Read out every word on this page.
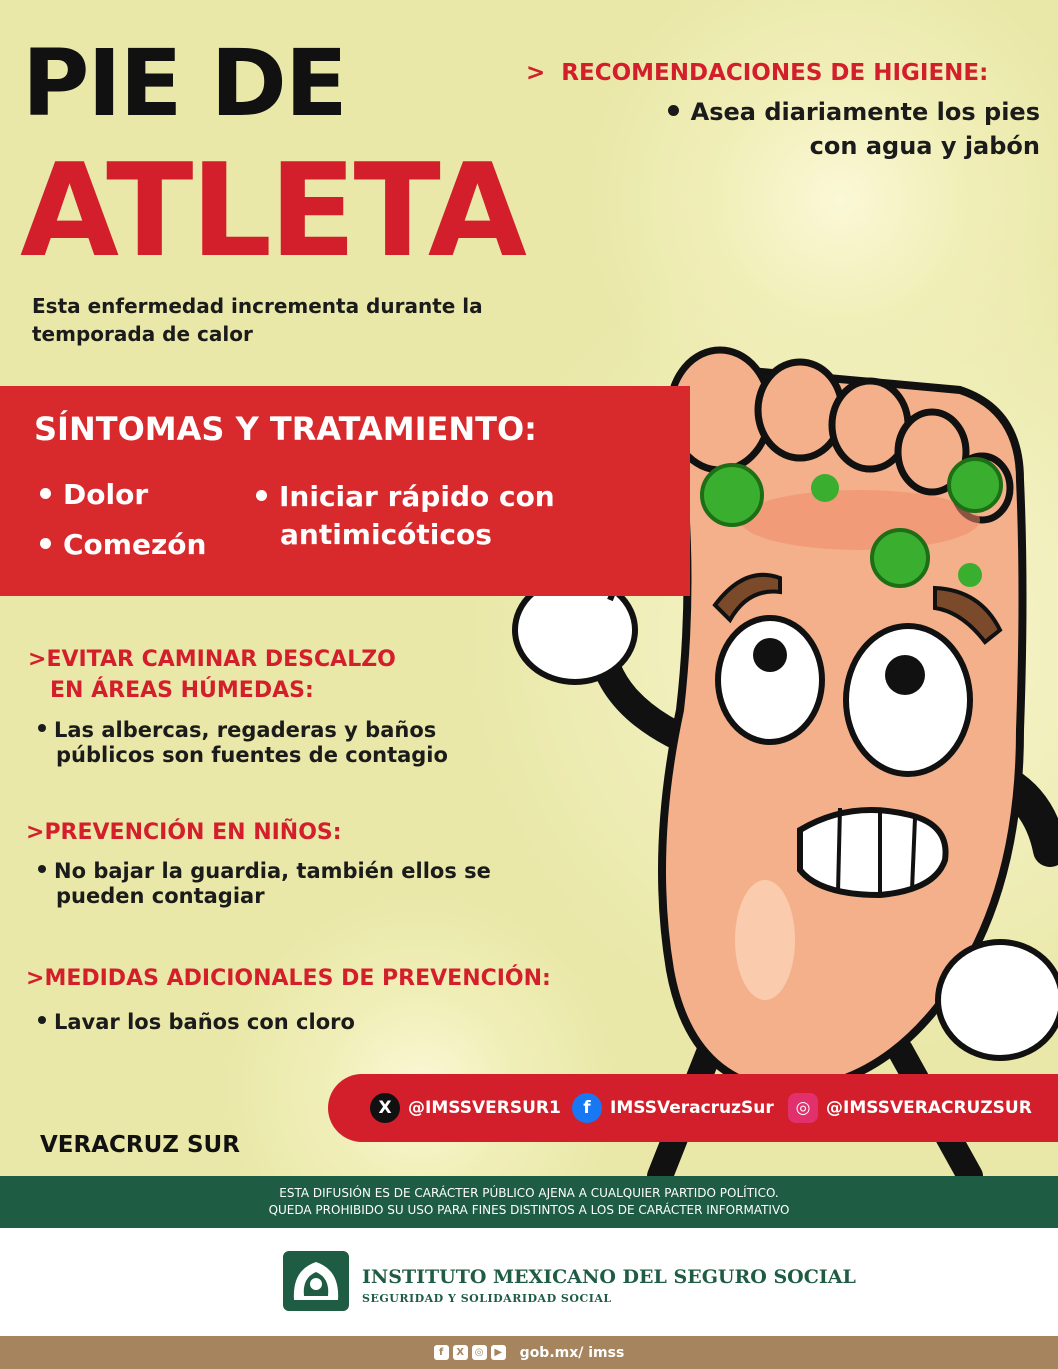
PIE DE
ATLETA
Esta enfermedad incrementa durante la temporada de calor
> RECOMENDACIONES DE HIGIENE:
Asea diariamente los pies
con agua y jabón
SÍNTOMAS Y TRATAMIENTO:
Dolor
Comezón
Iniciar rápido con
antimicóticos
>EVITAR CAMINAR DESCALZO
EN ÁREAS HÚMEDAS:
Las albercas, regaderas y baños
públicos son fuentes de contagio
>PREVENCIÓN EN NIÑOS:
No bajar la guardia, también ellos se
pueden contagiar
>MEDIDAS ADICIONALES DE PREVENCIÓN:
Lavar los baños con cloro
X @IMSSVERSUR1	f	IMSSVeracruzSur	◎ @IMSSVERACRUZSUR
VERACRUZ SUR
ESTA DIFUSIÓN ES DE CARÁCTER PÚBLICO AJENA A CUALQUIER PARTIDO POLÍTICO.
QUEDA PROHIBIDO SU USO PARA FINES DISTINTOS A LOS DE CARÁCTER INFORMATIVO
INSTITUTO MEXICANO DEL SEGURO SOCIAL
SEGURIDAD Y SOLIDARIDAD SOCIAL
f	X	◎	▶ gob.mx/ imss
